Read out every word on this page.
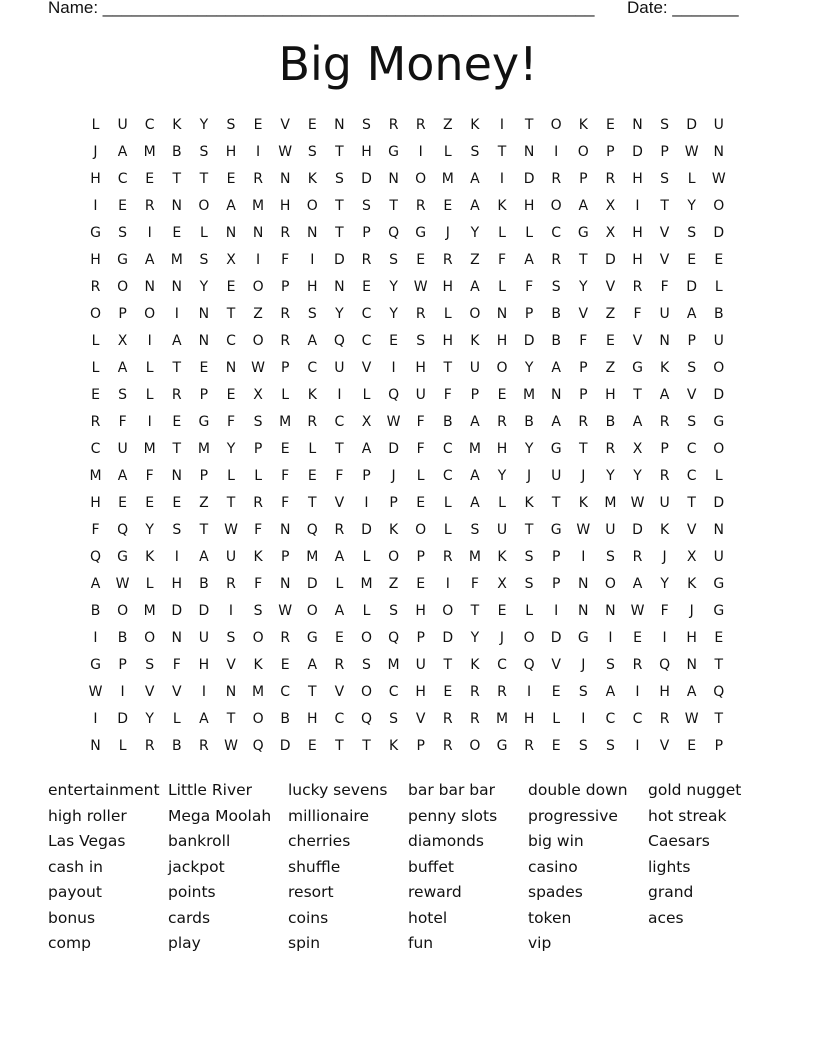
Name: ____________________________________________________ Date: _______
Big Money!
L	U	C	K	Y	S	E	V	E	N	S	R	R	Z	K	I	T	O	K	E	N	S	D	U
J	A	M	B	S	H	I	W	S	T	H	G	I	L	S	T	N	I	O	P	D	P	W	N
H	C	E	T	T	E	R	N	K	S	D	N	O	M	A	I	D	R	P	R	H	S	L	W
I	E	R	N	O	A	M	H	O	T	S	T	R	E	A	K	H	O	A	X	I	T	Y	O
G	S	I	E	L	N	N	R	N	T	P	Q	G	J	Y	L	L	C	G	X	H	V	S	D
H	G	A	M	S	X	I	F	I	D	R	S	E	R	Z	F	A	R	T	D	H	V	E	E
R	O	N	N	Y	E	O	P	H	N	E	Y	W	H	A	L	F	S	Y	V	R	F	D	L
O	P	O	I	N	T	Z	R	S	Y	C	Y	R	L	O	N	P	B	V	Z	F	U	A	B
L	X	I	A	N	C	O	R	A	Q	C	E	S	H	K	H	D	B	F	E	V	N	P	U
L	A	L	T	E	N	W	P	C	U	V	I	H	T	U	O	Y	A	P	Z	G	K	S	O
E	S	L	R	P	E	X	L	K	I	L	Q	U	F	P	E	M	N	P	H	T	A	V	D
R	F	I	E	G	F	S	M	R	C	X	W	F	B	A	R	B	A	R	B	A	R	S	G
C	U	M	T	M	Y	P	E	L	T	A	D	F	C	M	H	Y	G	T	R	X	P	C	O
M	A	F	N	P	L	L	F	E	F	P	J	L	C	A	Y	J	U	J	Y	Y	R	C	L
H	E	E	E	Z	T	R	F	T	V	I	P	E	L	A	L	K	T	K	M	W	U	T	D
F	Q	Y	S	T	W	F	N	Q	R	D	K	O	L	S	U	T	G	W	U	D	K	V	N
Q	G	K	I	A	U	K	P	M	A	L	O	P	R	M	K	S	P	I	S	R	J	X	U
A	W	L	H	B	R	F	N	D	L	M	Z	E	I	F	X	S	P	N	O	A	Y	K	G
B	O	M	D	D	I	S	W	O	A	L	S	H	O	T	E	L	I	N	N	W	F	J	G
I	B	O	N	U	S	O	R	G	E	O	Q	P	D	Y	J	O	D	G	I	E	I	H	E
G	P	S	F	H	V	K	E	A	R	S	M	U	T	K	C	Q	V	J	S	R	Q	N	T
W	I	V	V	I	N	M	C	T	V	O	C	H	E	R	R	I	E	S	A	I	H	A	Q
I	D	Y	L	A	T	O	B	H	C	Q	S	V	R	R	M	H	L	I	C	C	R	W	T
N	L	R	B	R	W	Q	D	E	T	T	K	P	R	O	G	R	E	S	S	I	V	E	P
entertainment
high roller
Las Vegas
cash in
payout
bonus
comp
Little River
Mega Moolah
bankroll
jackpot
points
cards
play
lucky sevens
millionaire
cherries
shuffle
resort
coins
spin
bar bar bar
penny slots
diamonds
buffet
reward
hotel
fun
double down
progressive
big win
casino
spades
token
vip
gold nugget
hot streak
Caesars
lights
grand
aces
